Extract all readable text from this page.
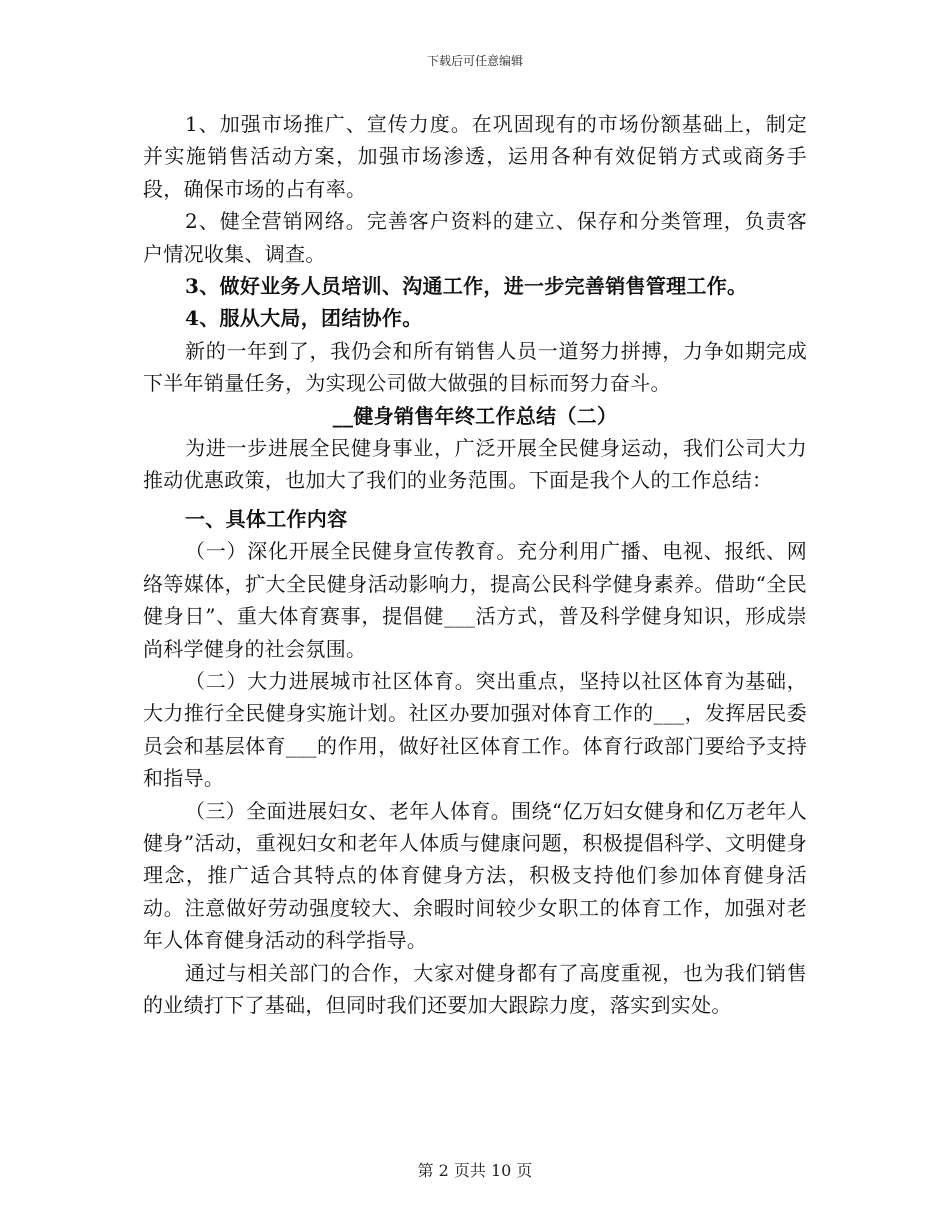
下载后可任意编辑

1、加强市场推广、宣传力度。在巩固现有的市场份额基础上，制定并实施销售活动方案，加强市场渗透，运用各种有效促销方式或商务手段，确保市场的占有率。

2、健全营销网络。完善客户资料的建立、保存和分类管理，负责客户情况收集、调查。

3、做好业务人员培训、沟通工作，进一步完善销售管理工作。

4、服从大局，团结协作。

新的一年到了，我仍会和所有销售人员一道努力拼搏，力争如期完成下半年销量任务，为实现公司做大做强的目标而努力奋斗。

__健身销售年终工作总结（二）

为进一步进展全民健身事业，广泛开展全民健身运动，我们公司大力推动优惠政策，也加大了我们的业务范围。下面是我个人的工作总结：

一、具体工作内容

（一）深化开展全民健身宣传教育。充分利用广播、电视、报纸、网络等媒体，扩大全民健身活动影响力，提高公民科学健身素养。借助“全民健身日”、重大体育赛事，提倡健___活方式，普及科学健身知识，形成崇尚科学健身的社会氛围。

（二）大力进展城市社区体育。突出重点，坚持以社区体育为基础，大力推行全民健身实施计划。社区办要加强对体育工作的___，发挥居民委员会和基层体育___的作用，做好社区体育工作。体育行政部门要给予支持和指导。

（三）全面进展妇女、老年人体育。围绕“亿万妇女健身和亿万老年人健身”活动，重视妇女和老年人体质与健康问题，积极提倡科学、文明健身理念，推广适合其特点的体育健身方法，积极支持他们参加体育健身活动。注意做好劳动强度较大、余暇时间较少女职工的体育工作，加强对老年人体育健身活动的科学指导。

通过与相关部门的合作，大家对健身都有了高度重视，也为我们销售的业绩打下了基础，但同时我们还要加大跟踪力度，落实到实处。

第 2 页共 10 页
